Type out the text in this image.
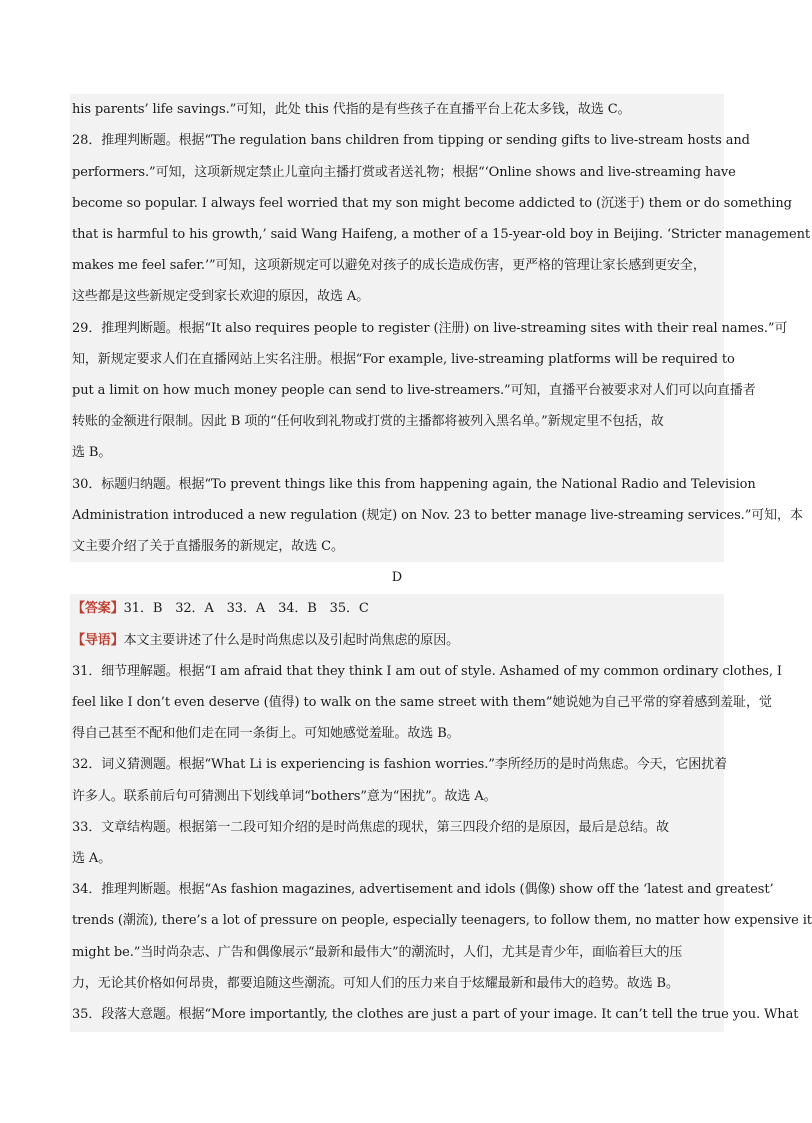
his parents’ life savings.”可知，此处 this 代指的是有些孩子在直播平台上花太多钱，故选 C。
28．推理判断题。根据“The regulation bans children from tipping or sending gifts to live-stream hosts and
performers.”可知，这项新规定禁止儿童向主播打赏或者送礼物；根据“‘Online shows and live-streaming have
become so popular. I always feel worried that my son might become addicted to (沉迷于) them or do something
that is harmful to his growth,’ said Wang Haifeng, a mother of a 15-year-old boy in Beijing. ‘Stricter management
makes me feel safer.’”可知，这项新规定可以避免对孩子的成长造成伤害，更严格的管理让家长感到更安全，
这些都是这些新规定受到家长欢迎的原因，故选 A。
29．推理判断题。根据“It also requires people to register (注册) on live-streaming sites with their real names.”可
知，新规定要求人们在直播网站上实名注册。根据“For example, live-streaming platforms will be required to
put a limit on how much money people can send to live-streamers.”可知，直播平台被要求对人们可以向直播者
转账的金额进行限制。因此 B 项的“任何收到礼物或打赏的主播都将被列入黑名单。”新规定里不包括，故
选 B。
30．标题归纳题。根据“To prevent things like this from happening again, the National Radio and Television
Administration introduced a new regulation (规定) on Nov. 23 to better manage live-streaming services.”可知，本
文主要介绍了关于直播服务的新规定，故选 C。
D
【答案】31．B　32．A　33．A　34．B　35．C
【导语】本文主要讲述了什么是时尚焦虑以及引起时尚焦虑的原因。
31．细节理解题。根据“I am afraid that they think I am out of style. Ashamed of my common ordinary clothes, I
feel like I don’t even deserve (值得) to walk on the same street with them”她说她为自己平常的穿着感到羞耻，觉
得自己甚至不配和他们走在同一条街上。可知她感觉羞耻。故选 B。
32．词义猜测题。根据“What Li is experiencing is fashion worries.”李所经历的是时尚焦虑。今天，它困扰着
许多人。联系前后句可猜测出下划线单词“bothers”意为“困扰”。故选 A。
33．文章结构题。根据第一二段可知介绍的是时尚焦虑的现状，第三四段介绍的是原因，最后是总结。故
选 A。
34．推理判断题。根据“As fashion magazines, advertisement and idols (偶像) show off the ‘latest and greatest’
trends (潮流), there’s a lot of pressure on people, especially teenagers, to follow them, no matter how expensive it
might be.”当时尚杂志、广告和偶像展示“最新和最伟大”的潮流时，人们，尤其是青少年，面临着巨大的压
力，无论其价格如何昂贵，都要追随这些潮流。可知人们的压力来自于炫耀最新和最伟大的趋势。故选 B。
35．段落大意题。根据“More importantly, the clothes are just a part of your image. It can’t tell the true you. What
